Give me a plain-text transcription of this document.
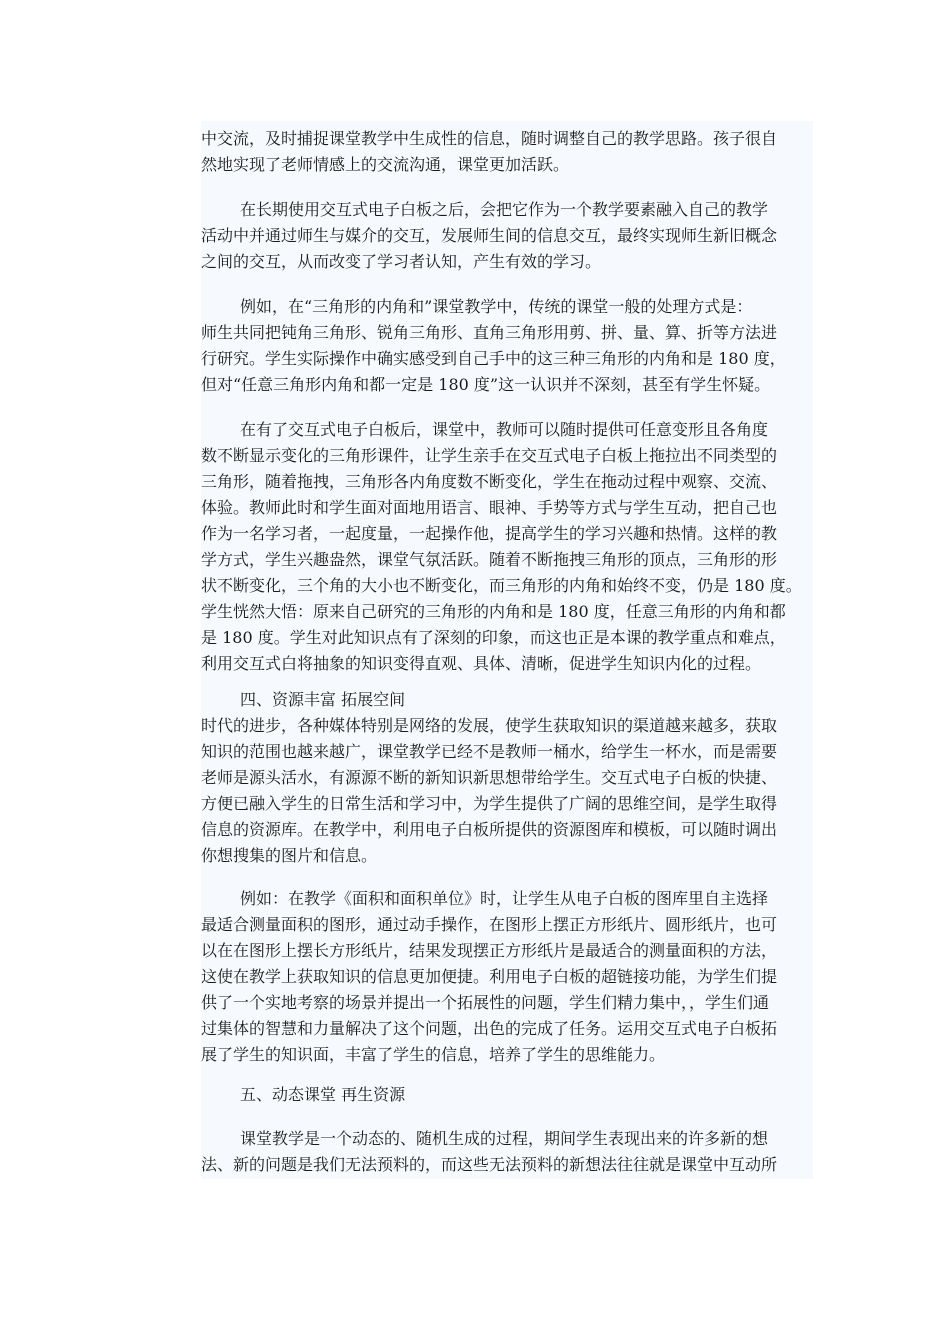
中交流，及时捕捉课堂教学中生成性的信息，随时调整自己的教学思路。孩子很自
然地实现了老师情感上的交流沟通，课堂更加活跃。
在长期使用交互式电子白板之后，会把它作为一个教学要素融入自己的教学
活动中并通过师生与媒介的交互，发展师生间的信息交互，最终实现师生新旧概念
之间的交互，从而改变了学习者认知，产生有效的学习。
例如，在“三角形的内角和”课堂教学中，传统的课堂一般的处理方式是：
师生共同把钝角三角形、锐角三角形、直角三角形用剪、拼、量、算、折等方法进
行研究。学生实际操作中确实感受到自己手中的这三种三角形的内角和是 180 度，
但对“任意三角形内角和都一定是 180 度”这一认识并不深刻，甚至有学生怀疑。
在有了交互式电子白板后，课堂中，教师可以随时提供可任意变形且各角度
数不断显示变化的三角形课件，让学生亲手在交互式电子白板上拖拉出不同类型的
三角形，随着拖拽，三角形各内角度数不断变化，学生在拖动过程中观察、交流、
体验。教师此时和学生面对面地用语言、眼神、手势等方式与学生互动，把自己也
作为一名学习者，一起度量，一起操作他，提高学生的学习兴趣和热情。这样的教
学方式，学生兴趣盎然，课堂气氛活跃。随着不断拖拽三角形的顶点，三角形的形
状不断变化，三个角的大小也不断变化，而三角形的内角和始终不变，仍是 180 度。
学生恍然大悟：原来自己研究的三角形的内角和是 180 度，任意三角形的内角和都
是 180 度。学生对此知识点有了深刻的印象，而这也正是本课的教学重点和难点，
利用交互式白将抽象的知识变得直观、具体、清晰，促进学生知识内化的过程。
四、资源丰富 拓展空间
时代的进步，各种媒体特别是网络的发展，使学生获取知识的渠道越来越多，获取
知识的范围也越来越广，课堂教学已经不是教师一桶水，给学生一杯水，而是需要
老师是源头活水，有源源不断的新知识新思想带给学生。交互式电子白板的快捷、
方便已融入学生的日常生活和学习中，为学生提供了广阔的思维空间，是学生取得
信息的资源库。在教学中，利用电子白板所提供的资源图库和模板，可以随时调出
你想搜集的图片和信息。
例如：在教学《面积和面积单位》时，让学生从电子白板的图库里自主选择
最适合测量面积的图形，通过动手操作，在图形上摆正方形纸片、圆形纸片，也可
以在在图形上摆长方形纸片，结果发现摆正方形纸片是最适合的测量面积的方法，
这使在教学上获取知识的信息更加便捷。利用电子白板的超链接功能，为学生们提
供了一个实地考察的场景并提出一个拓展性的问题，学生们精力集中，，学生们通
过集体的智慧和力量解决了这个问题，出色的完成了任务。运用交互式电子白板拓
展了学生的知识面，丰富了学生的信息，培养了学生的思维能力。
五、动态课堂 再生资源
课堂教学是一个动态的、随机生成的过程，期间学生表现出来的许多新的想
法、新的问题是我们无法预料的，而这些无法预料的新想法往往就是课堂中互动所
